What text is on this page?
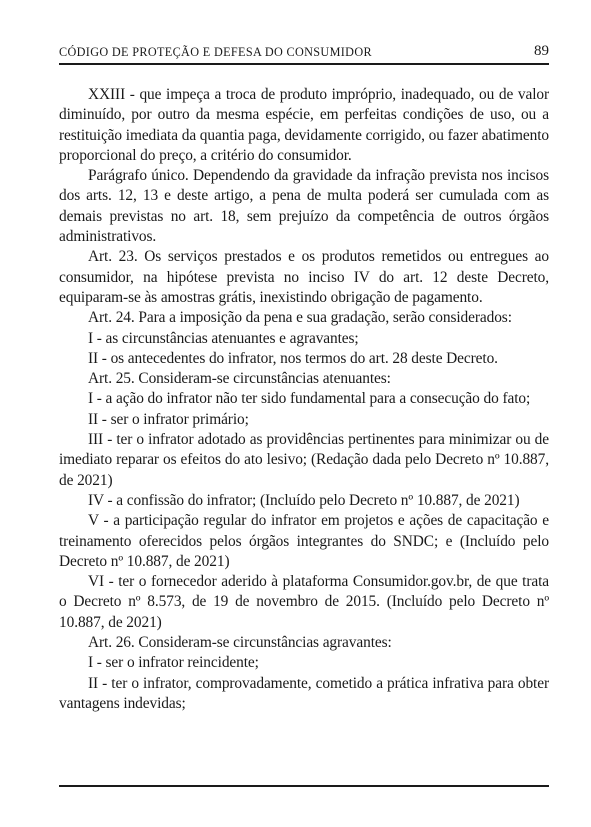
CÓDIGO DE PROTEÇÃO E DEFESA DO CONSUMIDOR	89

XXIII - que impeça a troca de produto impróprio, inadequado, ou de valor diminuído, por outro da mesma espécie, em perfeitas condições de uso, ou a restituição imediata da quantia paga, devidamente corrigido, ou fazer abatimento proporcional do preço, a critério do consumidor.

Parágrafo único. Dependendo da gravidade da infração prevista nos incisos dos arts. 12, 13 e deste artigo, a pena de multa poderá ser cumulada com as demais previstas no art. 18, sem prejuízo da competência de outros órgãos administrativos.

Art. 23. Os serviços prestados e os produtos remetidos ou entregues ao consumidor, na hipótese prevista no inciso IV do art. 12 deste Decreto, equiparam-se às amostras grátis, inexistindo obrigação de pagamento.

Art. 24. Para a imposição da pena e sua gradação, serão considerados:

I - as circunstâncias atenuantes e agravantes;

II - os antecedentes do infrator, nos termos do art. 28 deste Decreto.

Art. 25. Consideram-se circunstâncias atenuantes:

I - a ação do infrator não ter sido fundamental para a consecução do fato;

II - ser o infrator primário;

III - ter o infrator adotado as providências pertinentes para minimizar ou de imediato reparar os efeitos do ato lesivo; (Redação dada pelo Decreto nº 10.887, de 2021)

IV - a confissão do infrator; (Incluído pelo Decreto nº 10.887, de 2021)

V - a participação regular do infrator em projetos e ações de capacitação e treinamento oferecidos pelos órgãos integrantes do SNDC; e (Incluído pelo Decreto nº 10.887, de 2021)

VI - ter o fornecedor aderido à plataforma Consumidor.gov.br, de que trata o Decreto nº 8.573, de 19 de novembro de 2015. (Incluído pelo Decreto nº 10.887, de 2021)

Art. 26. Consideram-se circunstâncias agravantes:

I - ser o infrator reincidente;

II - ter o infrator, comprovadamente, cometido a prática infrativa para obter vantagens indevidas;
